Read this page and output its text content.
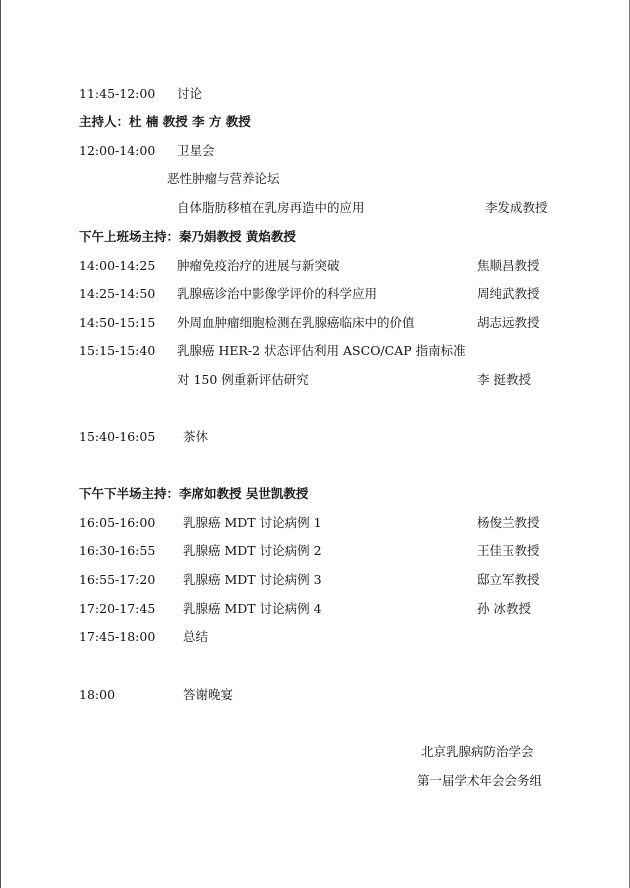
11:45-12:00 讨论
主持人：杜 楠 教授 李 方 教授
12:00-14:00 卫星会
恶性肿瘤与营养论坛
自体脂肪移植在乳房再造中的应用	李发成教授
下午上班场主持：秦乃娟教授 黄焰教授
14:00-14:25 肿瘤免疫治疗的进展与新突破	焦顺昌教授
14:25-14:50 乳腺癌诊治中影像学评价的科学应用	周纯武教授
14:50-15:15 外周血肿瘤细胞检测在乳腺癌临床中的价值	胡志远教授
15:15-15:40 乳腺癌 HER-2 状态评估利用 ASCO/CAP 指南标准
对 150 例重新评估研究	李 挺教授
15:40-16:05 茶休
下午下半场主持：李席如教授 吴世凯教授
16:05-16:00 乳腺癌 MDT 讨论病例 1	杨俊兰教授
16:30-16:55 乳腺癌 MDT 讨论病例 2	王佳玉教授
16:55-17:20 乳腺癌 MDT 讨论病例 3	邸立军教授
17:20-17:45 乳腺癌 MDT 讨论病例 4	孙 冰教授
17:45-18:00 总结
18:00	答谢晚宴
北京乳腺病防治学会
第一届学术年会会务组
